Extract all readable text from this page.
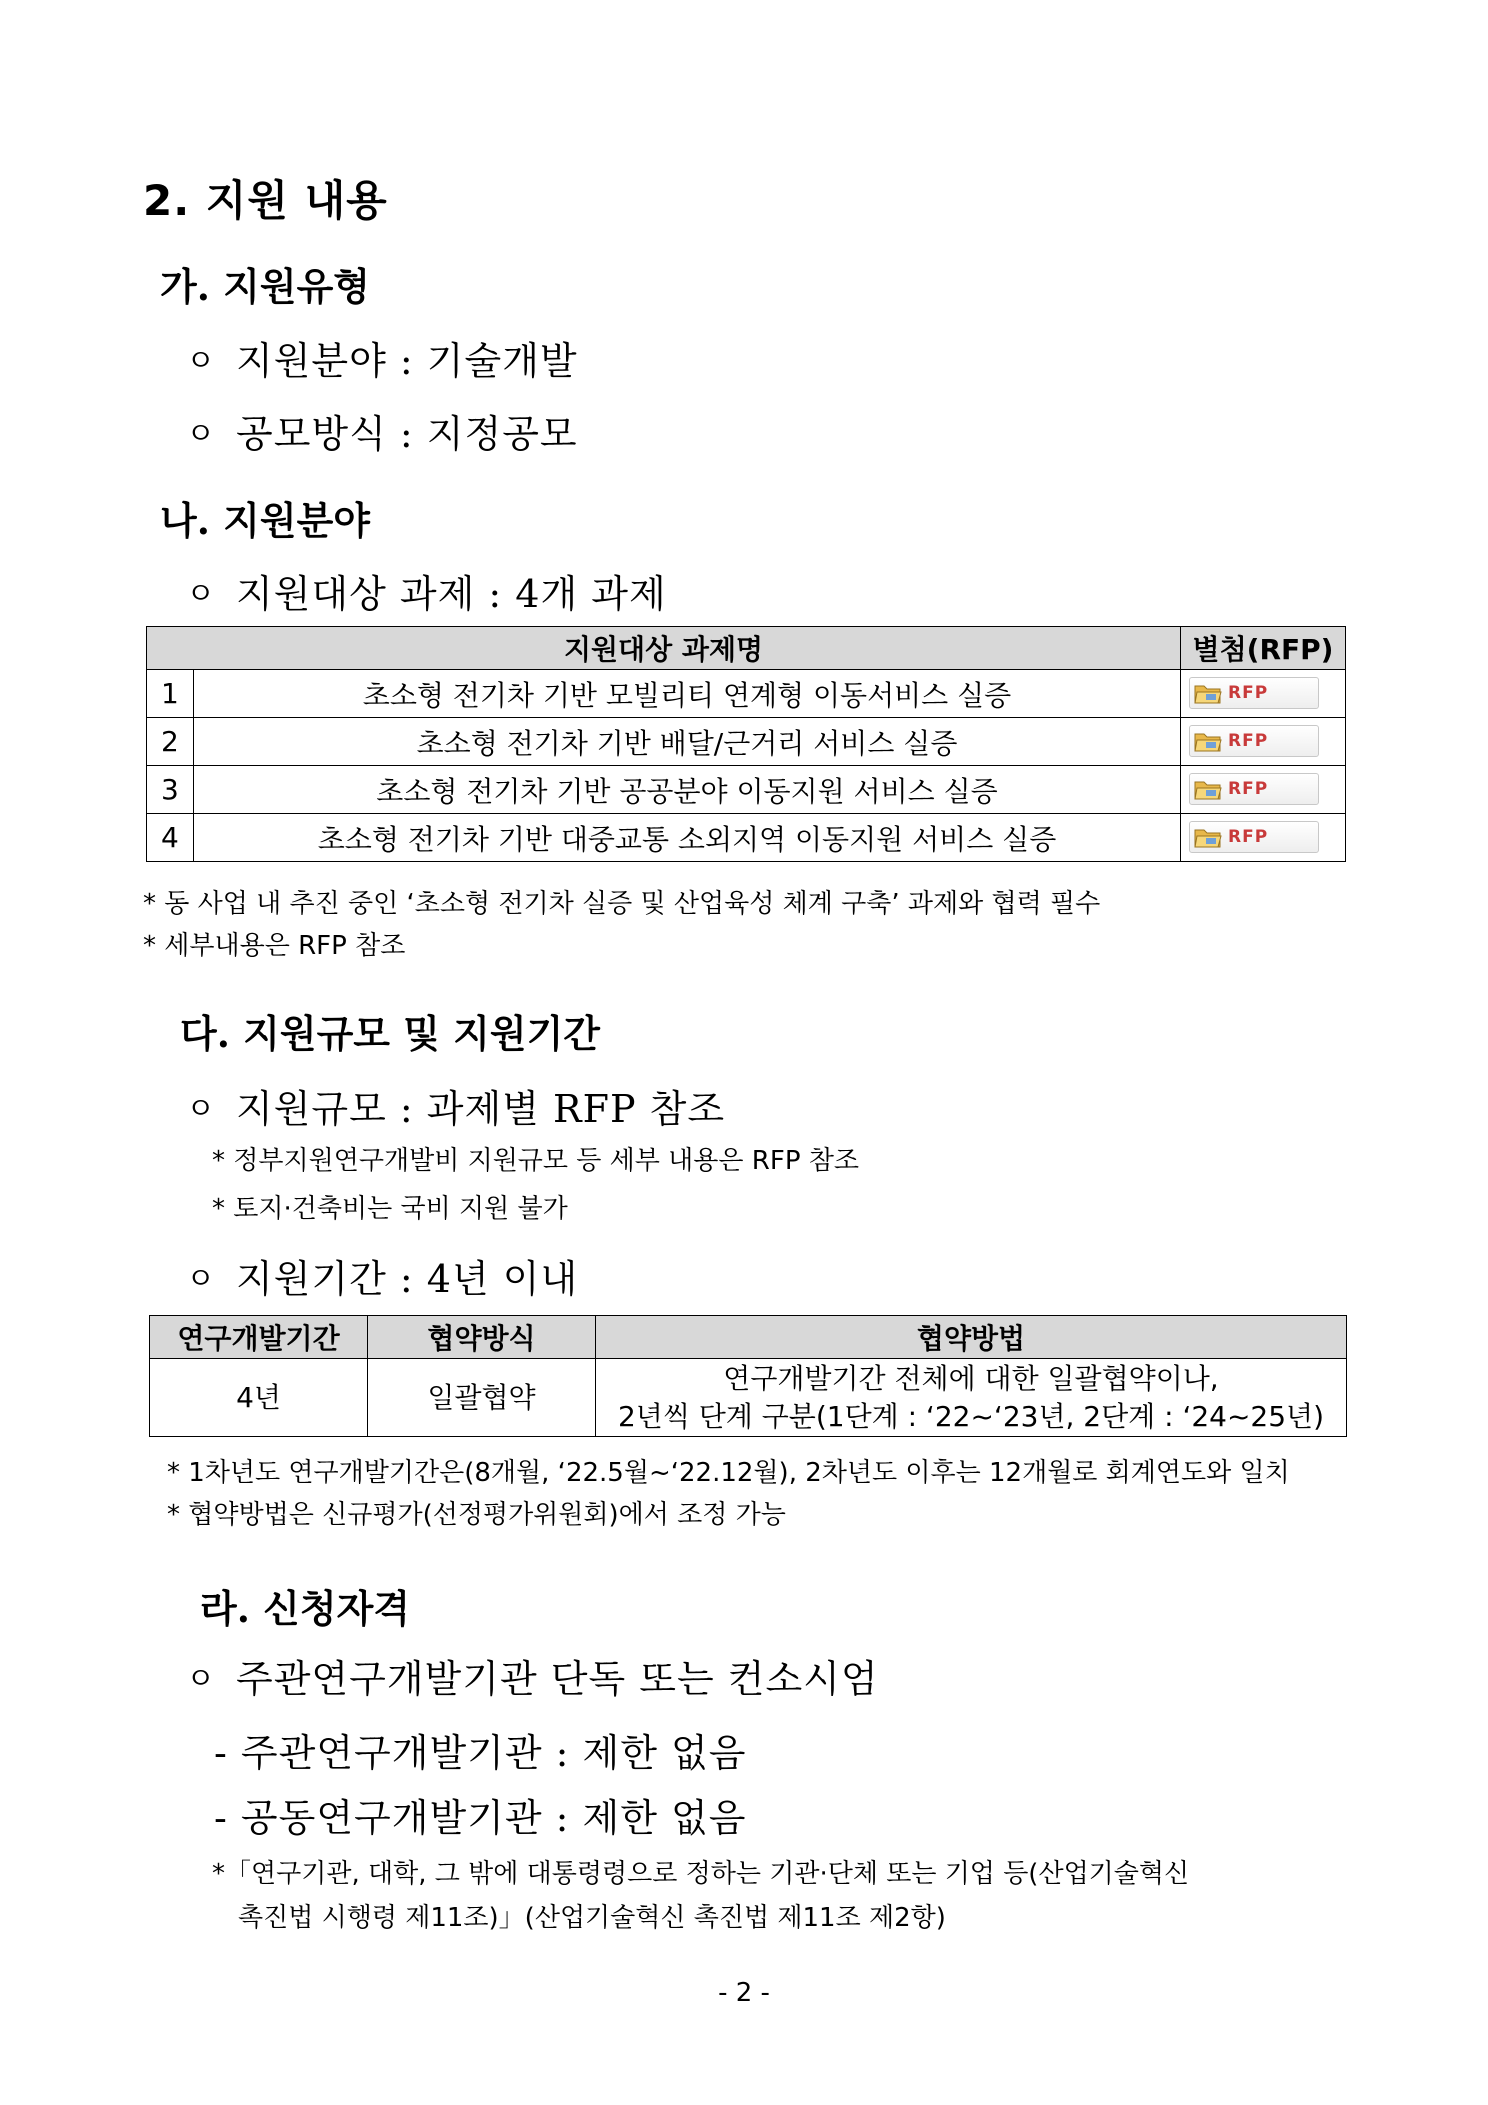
2. 지원 내용
가. 지원유형
ㅇ 지원분야 : 기술개발
ㅇ 공모방식 : 지정공모
나. 지원분야
ㅇ 지원대상 과제 : 4개 과제
지원대상 과제명		별첨(RFP)
1	초소형 전기차 기반 모빌리티 연계형 이동서비스 실증	RFP

2	초소형 전기차 기반 배달/근거리 서비스 실증	RFP

3	초소형 전기차 기반 공공분야 이동지원 서비스 실증	RFP

4	초소형 전기차 기반 대중교통 소외지역 이동지원 서비스 실증	RFP
* 동 사업 내 추진 중인 ‘초소형 전기차 실증 및 산업육성 체계 구축’ 과제와 협력 필수
* 세부내용은 RFP 참조
다. 지원규모 및 지원기간
ㅇ 지원규모 : 과제별 RFP 참조
* 정부지원연구개발비 지원규모 등 세부 내용은 RFP 참조
* 토지·건축비는 국비 지원 불가
ㅇ 지원기간 : 4년 이내
연구개발기간	협약방식	협약방법
4년	일괄협약	연구개발기간 전체에 대한 일괄협약이나,
2년씩 단계 구분(1단계 : ‘22~‘23년, 2단계 : ‘24~25년)
* 1차년도 연구개발기간은(8개월, ‘22.5월~‘22.12월), 2차년도 이후는 12개월로 회계연도와 일치
* 협약방법은 신규평가(선정평가위원회)에서 조정 가능
라. 신청자격
ㅇ 주관연구개발기관 단독 또는 컨소시엄
- 주관연구개발기관 : 제한 없음
- 공동연구개발기관 : 제한 없음
*「연구기관, 대학, 그 밖에 대통령령으로 정하는 기관·단체 또는 기업 등(산업기술혁신
촉진법 시행령 제11조)」(산업기술혁신 촉진법 제11조 제2항)
- 2 -
